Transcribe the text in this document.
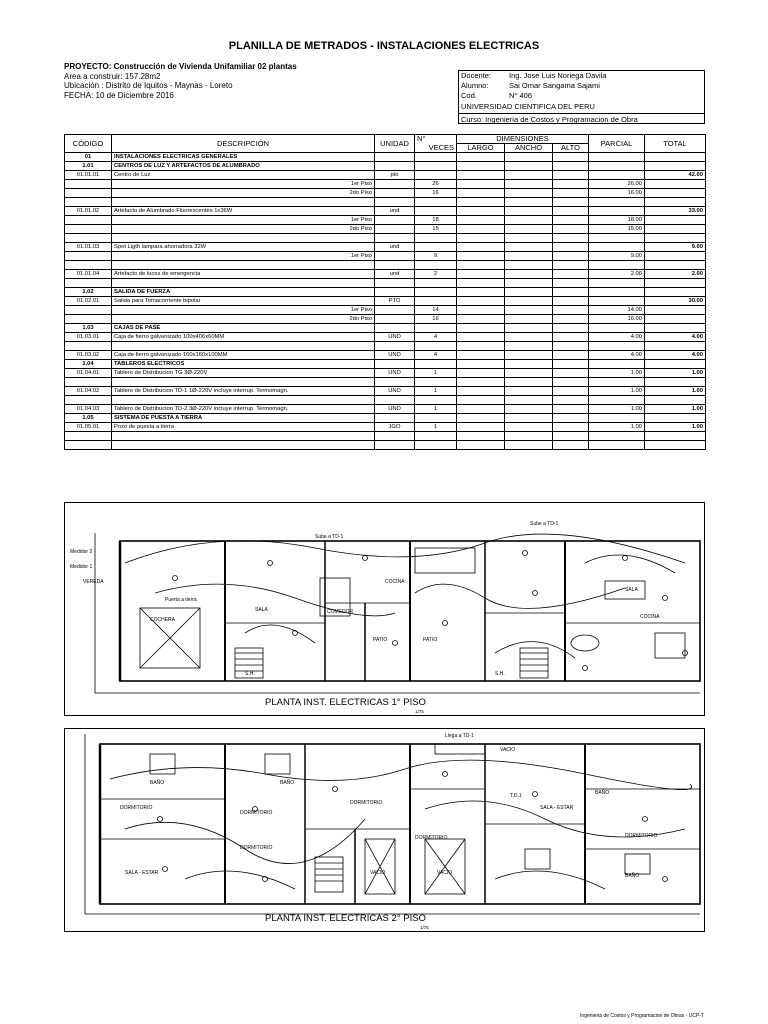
PLANILLA DE METRADOS - INSTALACIONES ELECTRICAS
PROYECTO: Construcción de Vivienda Unifamiliar 02 plantas
Area a construir: 157.28m2
Ubicación : Distrito de Iquitos - Maynas - Loreto
FECHA: 10 de Diciembre 2016
Docente:	Ing. Jose Luis Noriega Davila
Alumno:	Sai Omar Sangama Sajami
Cod.	N° 406
UNIVERSIDAD CIENTIFICA DEL PERU
Curso: Ingenieria de Costos y Programacion de Obra
CÓDIGO	DESCRIPCIÓN	UNIDAD	N°	DIMENSIONES			PARCIAL	TOTAL
			VECES	LARGO	ANCHO	ALTO		
01	INSTALACIONES ELECTRICAS GENERALES							
1.01	CENTROS DE LUZ Y ARTEFACTOS DE ALUMBRADO							
01.01.01	Centro de Luz	pto						42.00
	1er Piso		26				26.00	
	2do Piso		16				16.00	

01.01.02	Artefacto de Alumbrado Fluorescentes 1x36W	und						33.00
	1er Piso		18				18.00	
	2do Piso		15				15.00	

01.01.03	Spot Ligth lampara ahorradora 32W	und						9.00
	1er Piso		9				9.00	

01.01.04	Artefacto de luces de emergencia	und	2				2.00	2.00

1.02	SALIDA DE FUERZA							
01.02.01	Salida para Tomacorriente bipolar	PTO						30.00
	1er Piso		14				14.00	
	2do Piso		16				16.00	
1.03	CAJAS DE PASE							
01.03.01	Caja de fierro galvanizado 100x406x60MM	UND	4				4.00	4.00

01.03.02	Caja de fierro galvanizado 160x160x100MM	UND	4				4.00	4.00
1.04	TABLEROS ELECTRICOS							
01.04.01	Tablero de Distribucion TG 3Ø-220V	UND	1				1.00	1.00

01.04.02	Tablero de Distribucion TD-1 1Ø-220V incluye interrup. Termomagn.	UND	1				1.00	1.00

01.04.03	Tablero de Distribucion TD-2 3Ø-220V incluye interrup. Termomagn.	UND	1				1.00	1.00
1.05	SISTEMA DE PUESTA A TIERRA							
01.05.01	Pozo de puesta a tierra	JGO	1				1.00	1.00

Medidor 2
Medidor 1
VEREDA
COCHERA
Puerta a tierra
SALA	COMEDOR
COCINA
PATIO	PATIO
SALA
COCINA
S.H.	S.H.
Sube a TD-1
Sube a TD-1
PLANTA INST. ELECTRICAS 1° PISO
1/75
DORMITORIO
BAÑO	BAÑO
DORMITORIO
SALA - ESTAR
DORMITORIO
DORMITORIO
VACIO	VACIO
VACIO
DORMITORIO
T.D.1
SALA - ESTAR
DORMITORIO
BAÑO
BAÑO
Llega a TD-1
PLANTA INST. ELECTRICAS 2° PISO
1/75
Ingenieria de Costos y Programacion de Obras - UCP-T
